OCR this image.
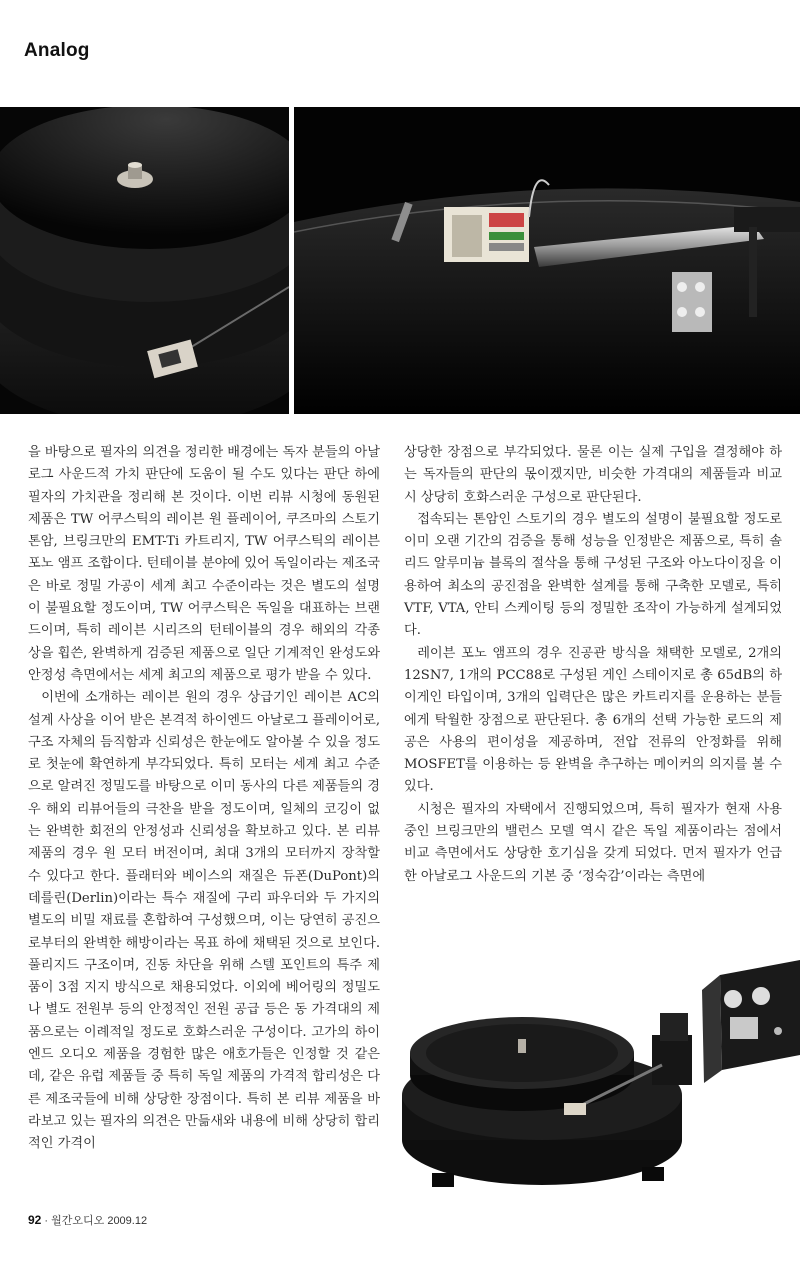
Analog

을 바탕으로 필자의 의견을 정리한 배경에는 독자 분들의 아날로그 사운드적 가치 판단에 도움이 될 수도 있다는 판단 하에 필자의 가치관을 정리해 본 것이다. 이번 리뷰 시청에 동원된 제품은 TW 어쿠스틱의 레이븐 원 플레이어, 쿠즈마의 스토기 톤암, 브링크만의 EMT-Ti 카트리지, TW 어쿠스틱의 레이븐 포노 앰프 조합이다. 턴테이블 분야에 있어 독일이라는 제조국은 바로 정밀 가공이 세계 최고 수준이라는 것은 별도의 설명이 불필요할 정도이며, TW 어쿠스틱은 독일을 대표하는 브랜드이며, 특히 레이븐 시리즈의 턴테이블의 경우 해외의 각종 상을 휩쓴, 완벽하게 검증된 제품으로 일단 기계적인 완성도와 안정성 측면에서는 세계 최고의 제품으로 평가 받을 수 있다.

이번에 소개하는 레이븐 원의 경우 상급기인 레이븐 AC의 설계 사상을 이어 받은 본격적 하이엔드 아날로그 플레이어로, 구조 자체의 듬직함과 신뢰성은 한눈에도 알아볼 수 있을 정도로 첫눈에 확연하게 부각되었다. 특히 모터는 세계 최고 수준으로 알려진 정밀도를 바탕으로 이미 동사의 다른 제품들의 경우 해외 리뷰어들의 극찬을 받을 정도이며, 일체의 코깅이 없는 완벽한 회전의 안정성과 신뢰성을 확보하고 있다. 본 리뷰 제품의 경우 원 모터 버전이며, 최대 3개의 모터까지 장착할 수 있다고 한다. 플래터와 베이스의 재질은 듀폰(DuPont)의 데를린(Derlin)이라는 특수 재질에 구리 파우더와 두 가지의 별도의 비밀 재료를 혼합하여 구성했으며, 이는 당연히 공진으로부터의 완벽한 해방이라는 목표 하에 채택된 것으로 보인다. 풀리지드 구조이며, 진동 차단을 위해 스텔 포인트의 특주 제품이 3점 지지 방식으로 채용되었다. 이외에 베어링의 정밀도나 별도 전원부 등의 안정적인 전원 공급 등은 동 가격대의 제품으로는 이례적일 정도로 호화스러운 구성이다. 고가의 하이엔드 오디오 제품을 경험한 많은 애호가들은 인정할 것 같은데, 같은 유럽 제품들 중 특히 독일 제품의 가격적 합리성은 다른 제조국들에 비해 상당한 장점이다. 특히 본 리뷰 제품을 바라보고 있는 필자의 의견은 만듦새와 내용에 비해 상당히 합리적인 가격이

상당한 장점으로 부각되었다. 물론 이는 실제 구입을 결정해야 하는 독자들의 판단의 몫이겠지만, 비슷한 가격대의 제품들과 비교 시 상당히 호화스러운 구성으로 판단된다.

접속되는 톤암인 스토기의 경우 별도의 설명이 불필요할 정도로 이미 오랜 기간의 검증을 통해 성능을 인정받은 제품으로, 특히 솔리드 알루미늄 블록의 절삭을 통해 구성된 구조와 아노다이징을 이용하여 최소의 공진점을 완벽한 설계를 통해 구축한 모델로, 특히 VTF, VTA, 안티 스케이팅 등의 정밀한 조작이 가능하게 설계되었다.

레이븐 포노 앰프의 경우 진공관 방식을 채택한 모델로, 2개의 12SN7, 1개의 PCC88로 구성된 게인 스테이지로 총 65dB의 하이게인 타입이며, 3개의 입력단은 많은 카트리지를 운용하는 분들에게 탁월한 장점으로 판단된다. 총 6개의 선택 가능한 로드의 제공은 사용의 편이성을 제공하며, 전압 전류의 안정화를 위해 MOSFET를 이용하는 등 완벽을 추구하는 메이커의 의지를 볼 수 있다.

시청은 필자의 자택에서 진행되었으며, 특히 필자가 현재 사용 중인 브링크만의 밸런스 모델 역시 같은 독일 제품이라는 점에서 비교 측면에서도 상당한 호기심을 갖게 되었다. 먼저 필자가 언급한 아날로그 사운드의 기본 중 ‘정숙감’이라는 측면에

92 · 월간오디오 2009.12
